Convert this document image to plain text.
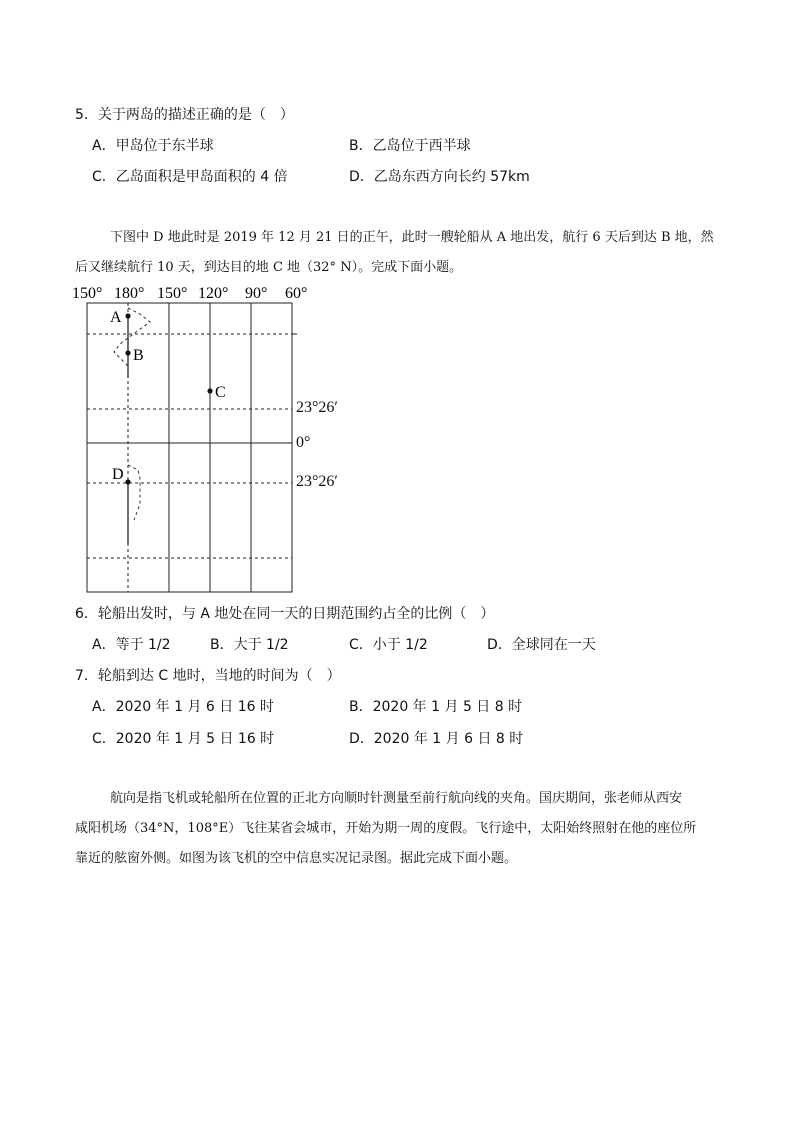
5．关于两岛的描述正确的是（　）
A．甲岛位于东半球	B．乙岛位于西半球
C．乙岛面积是甲岛面积的 4 倍	D．乙岛东西方向长约 57km
下图中 D 地此时是 2019 年 12 月 21 日的正午，此时一艘轮船从 A 地出发，航行 6 天后到达 B 地，然
后又继续航行 10 天，到达目的地 C 地（32° N）。完成下面小题。
150° 180° 150° 120° 90° 60°
A
B
C
D
23°26′
0°
23°26′
6．轮船出发时，与 A 地处在同一天的日期范围约占全的比例（　）
A．等于 1/2	B．大于 1/2	C．小于 1/2	D．全球同在一天
7．轮船到达 C 地时，当地的时间为（　）
A．2020 年 1 月 6 日 16 时	B．2020 年 1 月 5 日 8 时
C．2020 年 1 月 5 日 16 时	D．2020 年 1 月 6 日 8 时
航向是指飞机或轮船所在位置的正北方向顺时针测量至前行航向线的夹角。国庆期间，张老师从西安
咸阳机场（34°N，108°E）飞往某省会城市，开始为期一周的度假。飞行途中，太阳始终照射在他的座位所
靠近的舷窗外侧。如图为该飞机的空中信息实况记录图。据此完成下面小题。
